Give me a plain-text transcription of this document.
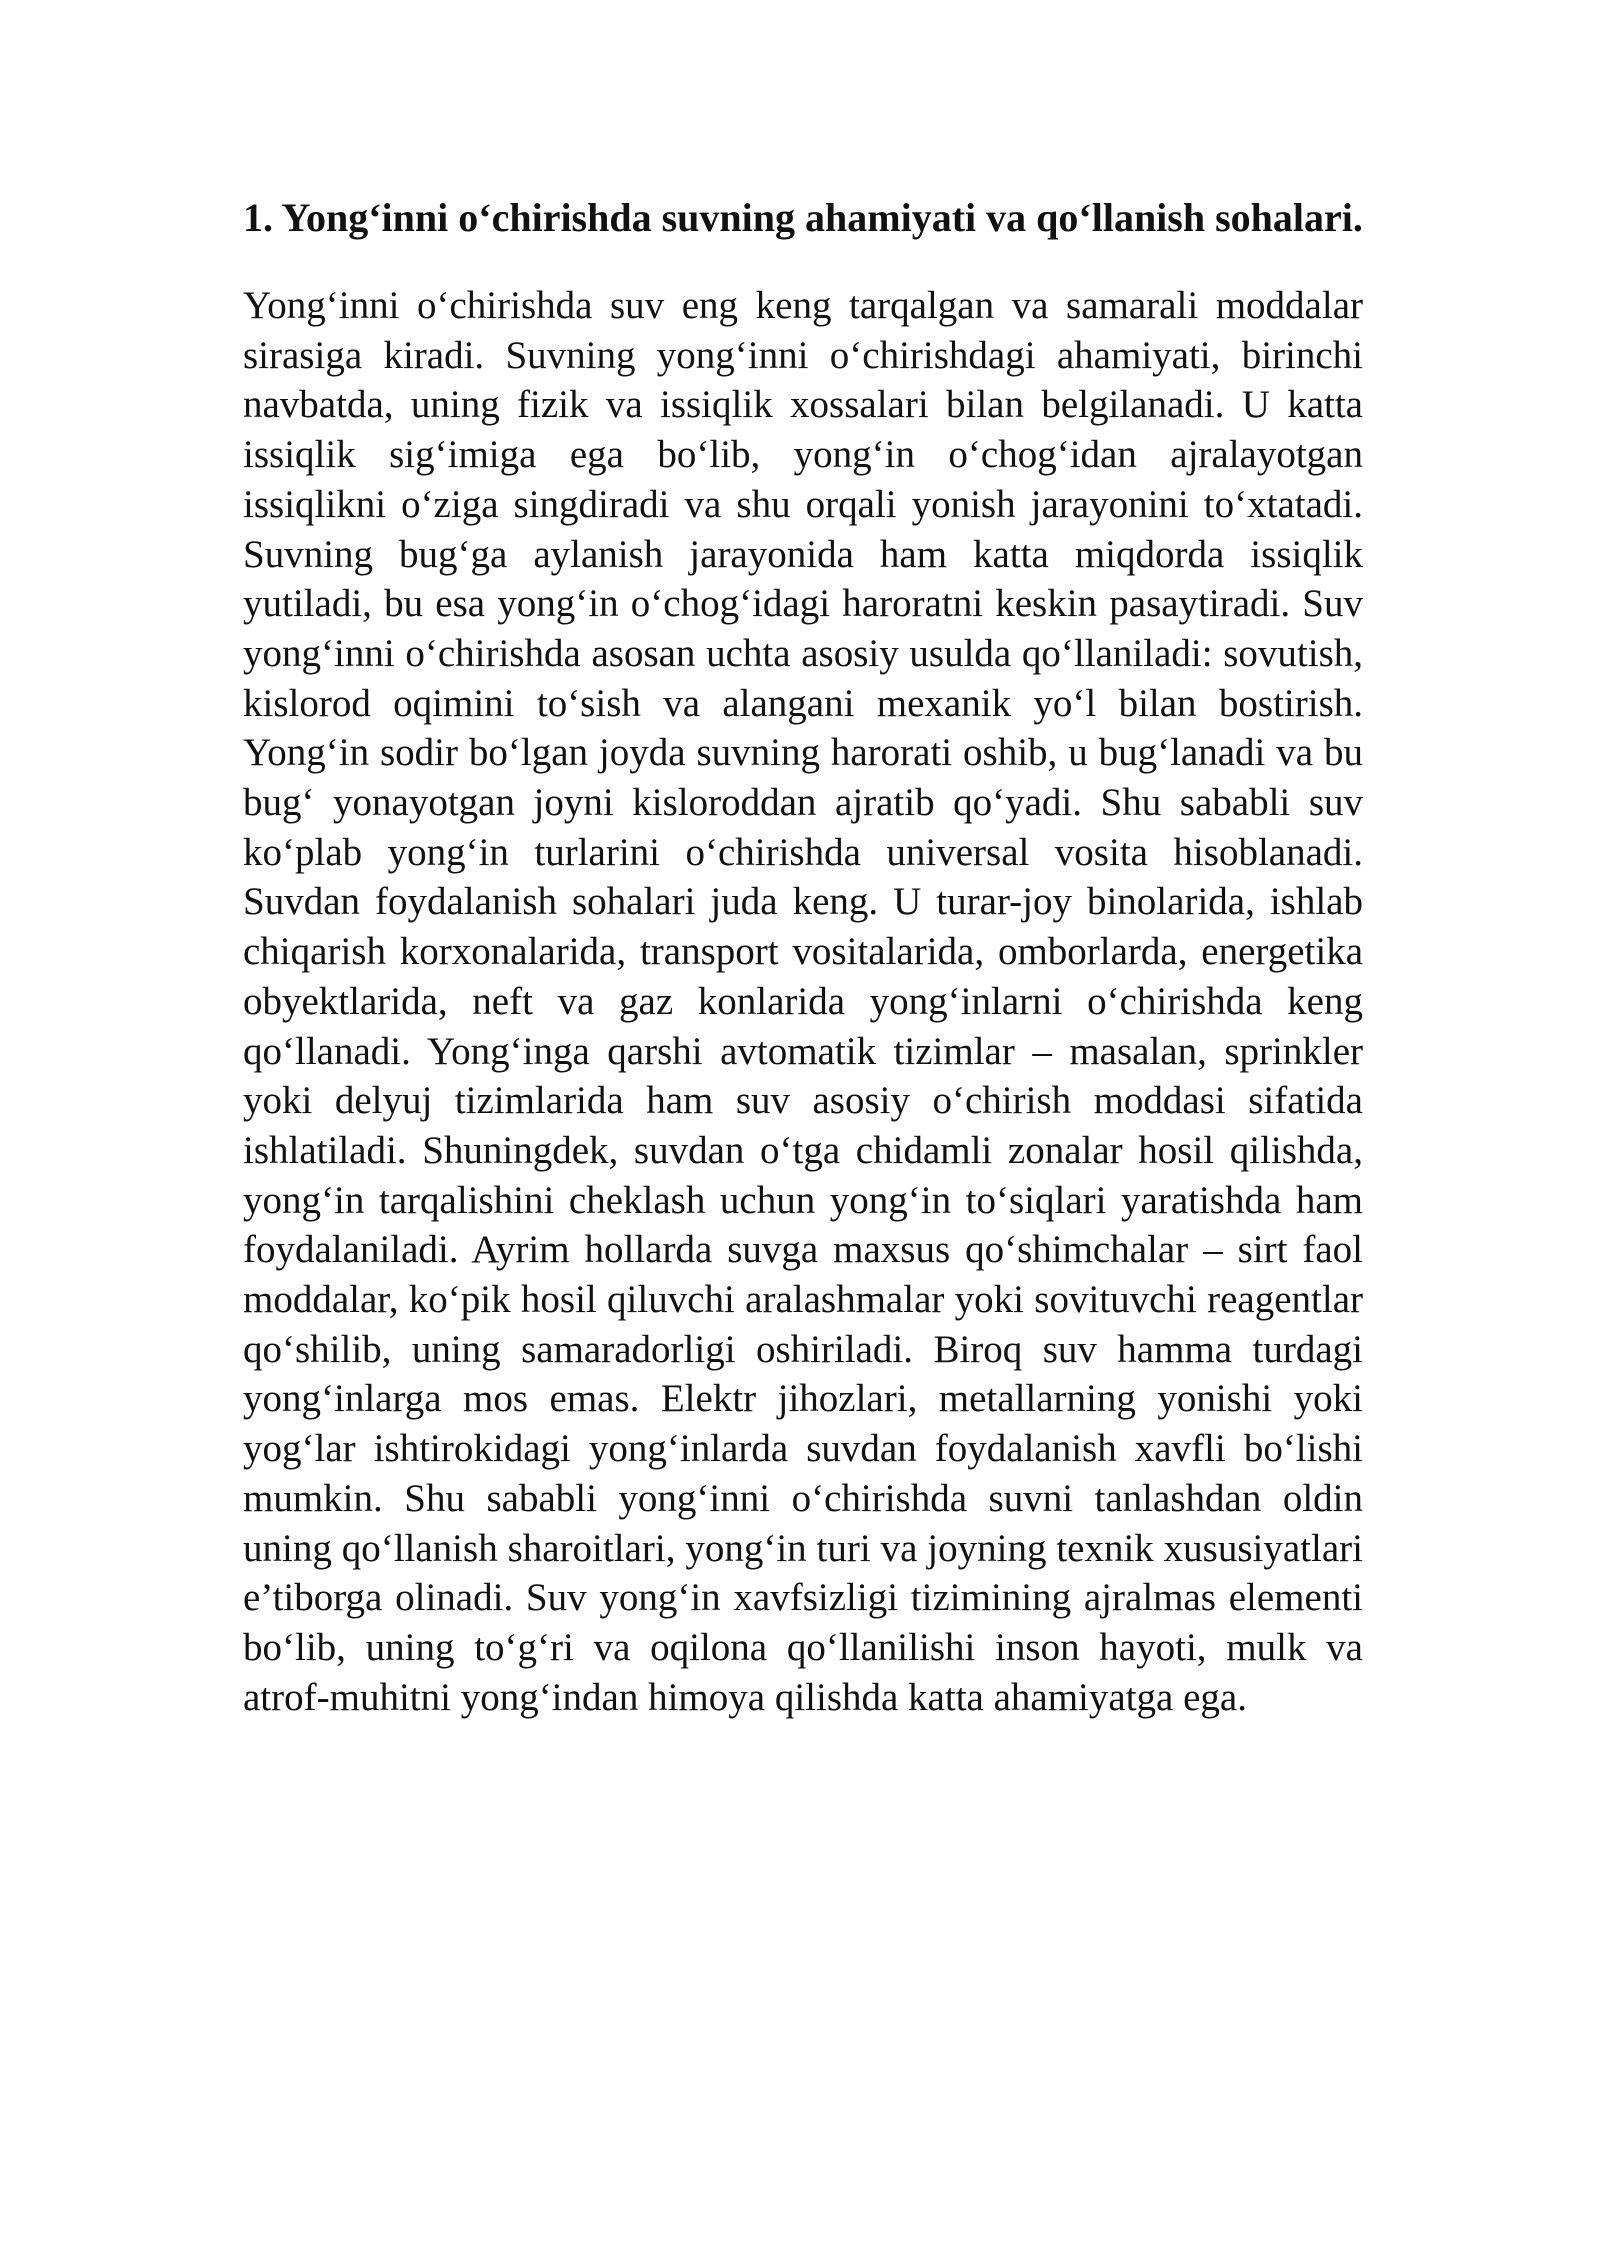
1. Yong‘inni o‘chirishda suvning ahamiyati va qo‘llanish sohalari.

Yong‘inni o‘chirishda suv eng keng tarqalgan va samarali moddalar sirasiga kiradi. Suvning yong‘inni o‘chirishdagi ahamiyati, birinchi navbatda, uning fizik va issiqlik xossalari bilan belgilanadi. U katta issiqlik sig‘imiga ega bo‘lib, yong‘in o‘chog‘idan ajralayotgan issiqlikni o‘ziga singdiradi va shu orqali yonish jarayonini to‘xtatadi. Suvning bug‘ga aylanish jarayonida ham katta miqdorda issiqlik yutiladi, bu esa yong‘in o‘chog‘idagi haroratni keskin pasaytiradi. Suv yong‘inni o‘chirishda asosan uchta asosiy usulda qo‘llaniladi: sovutish, kislorod oqimini to‘sish va alangani mexanik yo‘l bilan bostirish. Yong‘in sodir bo‘lgan joyda suvning harorati oshib, u bug‘lanadi va bu bug‘ yonayotgan joyni kisloroddan ajratib qo‘yadi. Shu sababli suv ko‘plab yong‘in turlarini o‘chirishda universal vosita hisoblanadi. Suvdan foydalanish sohalari juda keng. U turar-joy binolarida, ishlab chiqarish korxonalarida, transport vositalarida, omborlarda, energetika obyektlarida, neft va gaz konlarida yong‘inlarni o‘chirishda keng qo‘llanadi. Yong‘inga qarshi avtomatik tizimlar – masalan, sprinkler yoki delyuj tizimlarida ham suv asosiy o‘chirish moddasi sifatida ishlatiladi. Shuningdek, suvdan o‘tga chidamli zonalar hosil qilishda, yong‘in tarqalishini cheklash uchun yong‘in to‘siqlari yaratishda ham foydalaniladi. Ayrim hollarda suvga maxsus qo‘shimchalar – sirt faol moddalar, ko‘pik hosil qiluvchi aralashmalar yoki sovituvchi reagentlar qo‘shilib, uning samaradorligi oshiriladi. Biroq suv hamma turdagi yong‘inlarga mos emas. Elektr jihozlari, metallarning yonishi yoki yog‘lar ishtirokidagi yong‘inlarda suvdan foydalanish xavfli bo‘lishi mumkin. Shu sababli yong‘inni o‘chirishda suvni tanlashdan oldin uning qo‘llanish sharoitlari, yong‘in turi va joyning texnik xususiyatlari e’tiborga olinadi. Suv yong‘in xavfsizligi tizimining ajralmas elementi bo‘lib, uning to‘g‘ri va oqilona qo‘llanilishi inson hayoti, mulk va atrof-muhitni yong‘indan himoya qilishda katta ahamiyatga ega.
